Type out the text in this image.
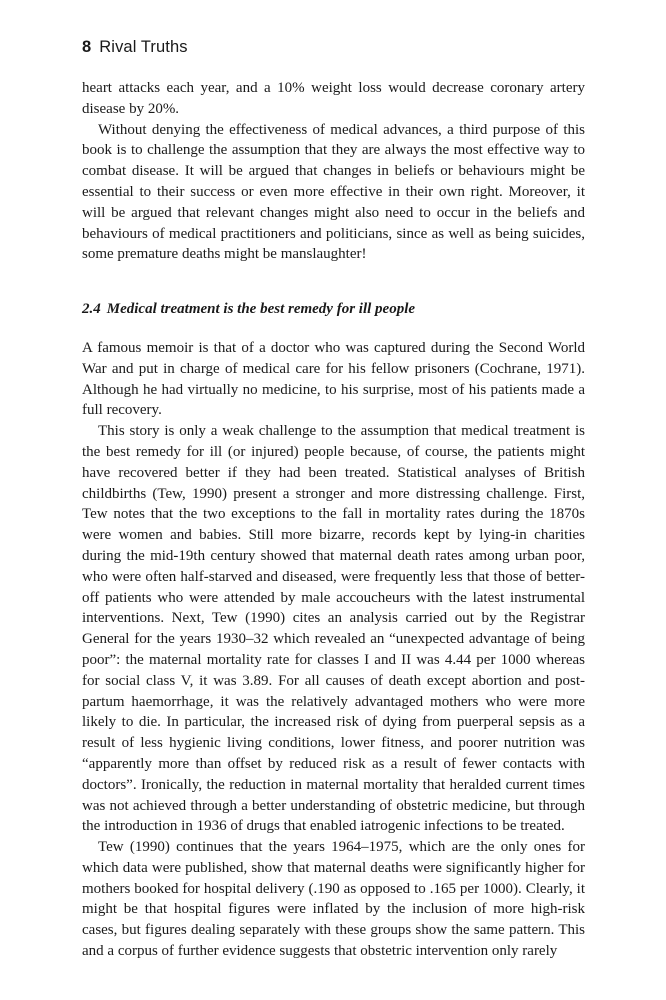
8 Rival Truths

heart attacks each year, and a 10% weight loss would decrease coronary artery disease by 20%.

Without denying the effectiveness of medical advances, a third purpose of this book is to challenge the assumption that they are always the most effective way to combat disease. It will be argued that changes in beliefs or behaviours might be essential to their success or even more effective in their own right. Moreover, it will be argued that relevant changes might also need to occur in the beliefs and behaviours of medical practitioners and politicians, since as well as being suicides, some premature deaths might be manslaughter!

2.4 Medical treatment is the best remedy for ill people

A famous memoir is that of a doctor who was captured during the Second World War and put in charge of medical care for his fellow prisoners (Cochrane, 1971). Although he had virtually no medicine, to his surprise, most of his patients made a full recovery.

This story is only a weak challenge to the assumption that medical treatment is the best remedy for ill (or injured) people because, of course, the patients might have recovered better if they had been treated. Statistical analyses of British childbirths (Tew, 1990) present a stronger and more distressing challenge. First, Tew notes that the two exceptions to the fall in mortality rates during the 1870s were women and babies. Still more bizarre, records kept by lying-in charities during the mid-19th century showed that maternal death rates among urban poor, who were often half-starved and diseased, were frequently less that those of better-off patients who were attended by male accoucheurs with the latest instrumental interventions. Next, Tew (1990) cites an analysis carried out by the Registrar General for the years 1930–32 which revealed an “unexpected advantage of being poor”: the maternal mortality rate for classes I and II was 4.44 per 1000 whereas for social class V, it was 3.89. For all causes of death except abortion and post-partum haemorrhage, it was the relatively advantaged mothers who were more likely to die. In particular, the increased risk of dying from puerperal sepsis as a result of less hygienic living conditions, lower fitness, and poorer nutrition was “apparently more than offset by reduced risk as a result of fewer contacts with doctors”. Ironically, the reduction in maternal mortality that heralded current times was not achieved through a better understanding of obstetric medicine, but through the introduction in 1936 of drugs that enabled iatrogenic infections to be treated.

Tew (1990) continues that the years 1964–1975, which are the only ones for which data were published, show that maternal deaths were significantly higher for mothers booked for hospital delivery (.190 as opposed to .165 per 1000). Clearly, it might be that hospital figures were inflated by the inclusion of more high-risk cases, but figures dealing separately with these groups show the same pattern. This and a corpus of further evidence suggests that obstetric intervention only rarely
